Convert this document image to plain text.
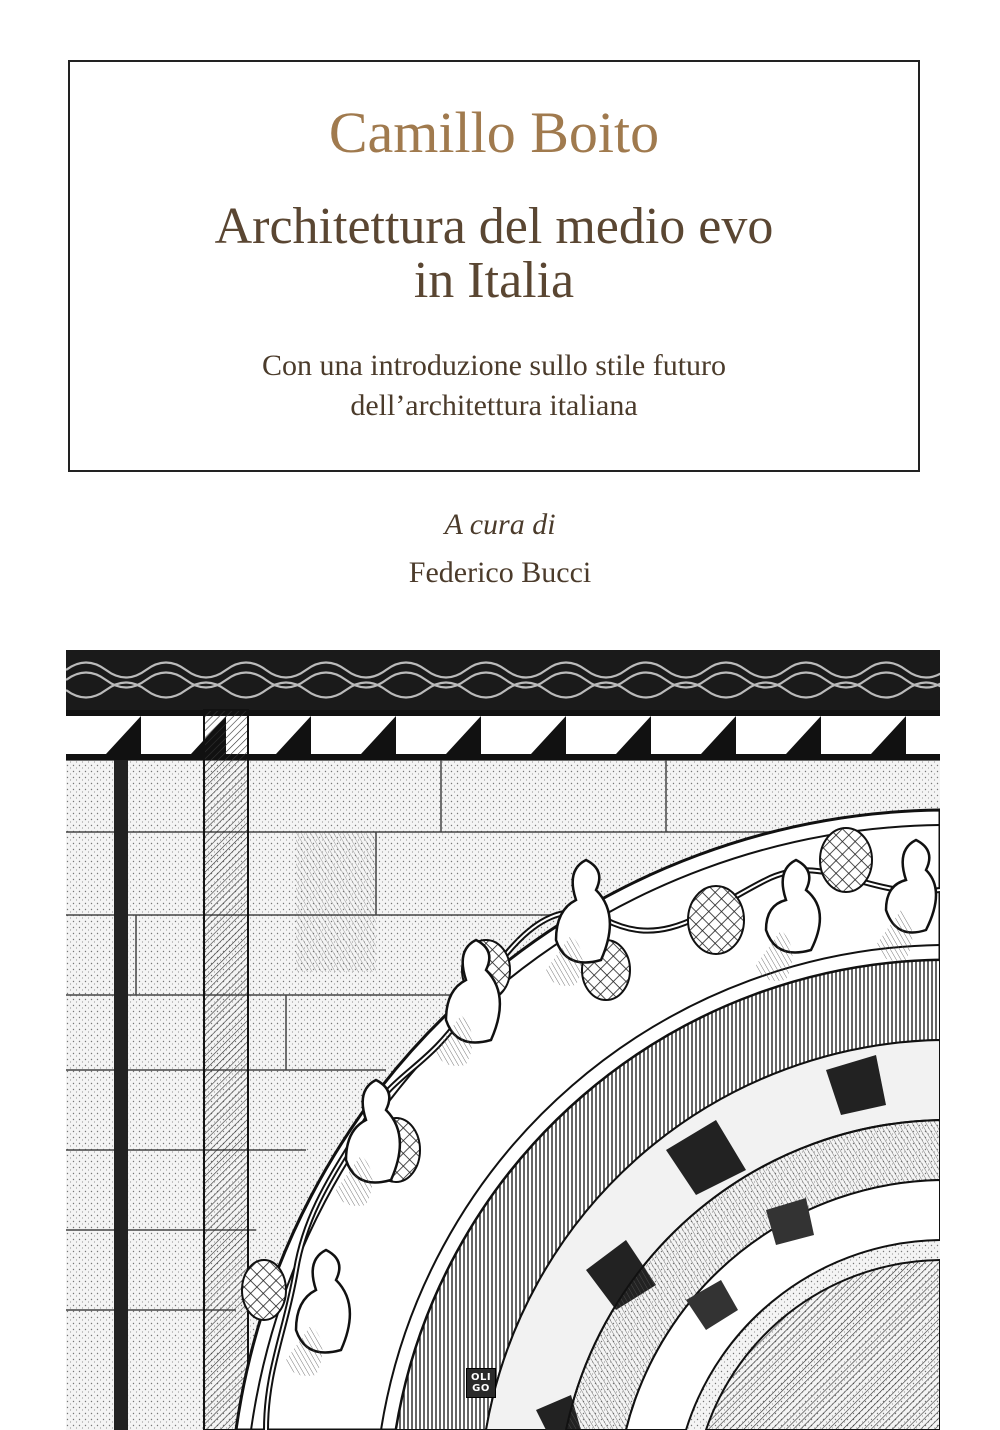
Camillo Boito
Architettura del medio evo
in Italia
Con una introduzione sullo stile futuro
dell’architettura italiana
A cura di
Federico Bucci
OLI
GO
